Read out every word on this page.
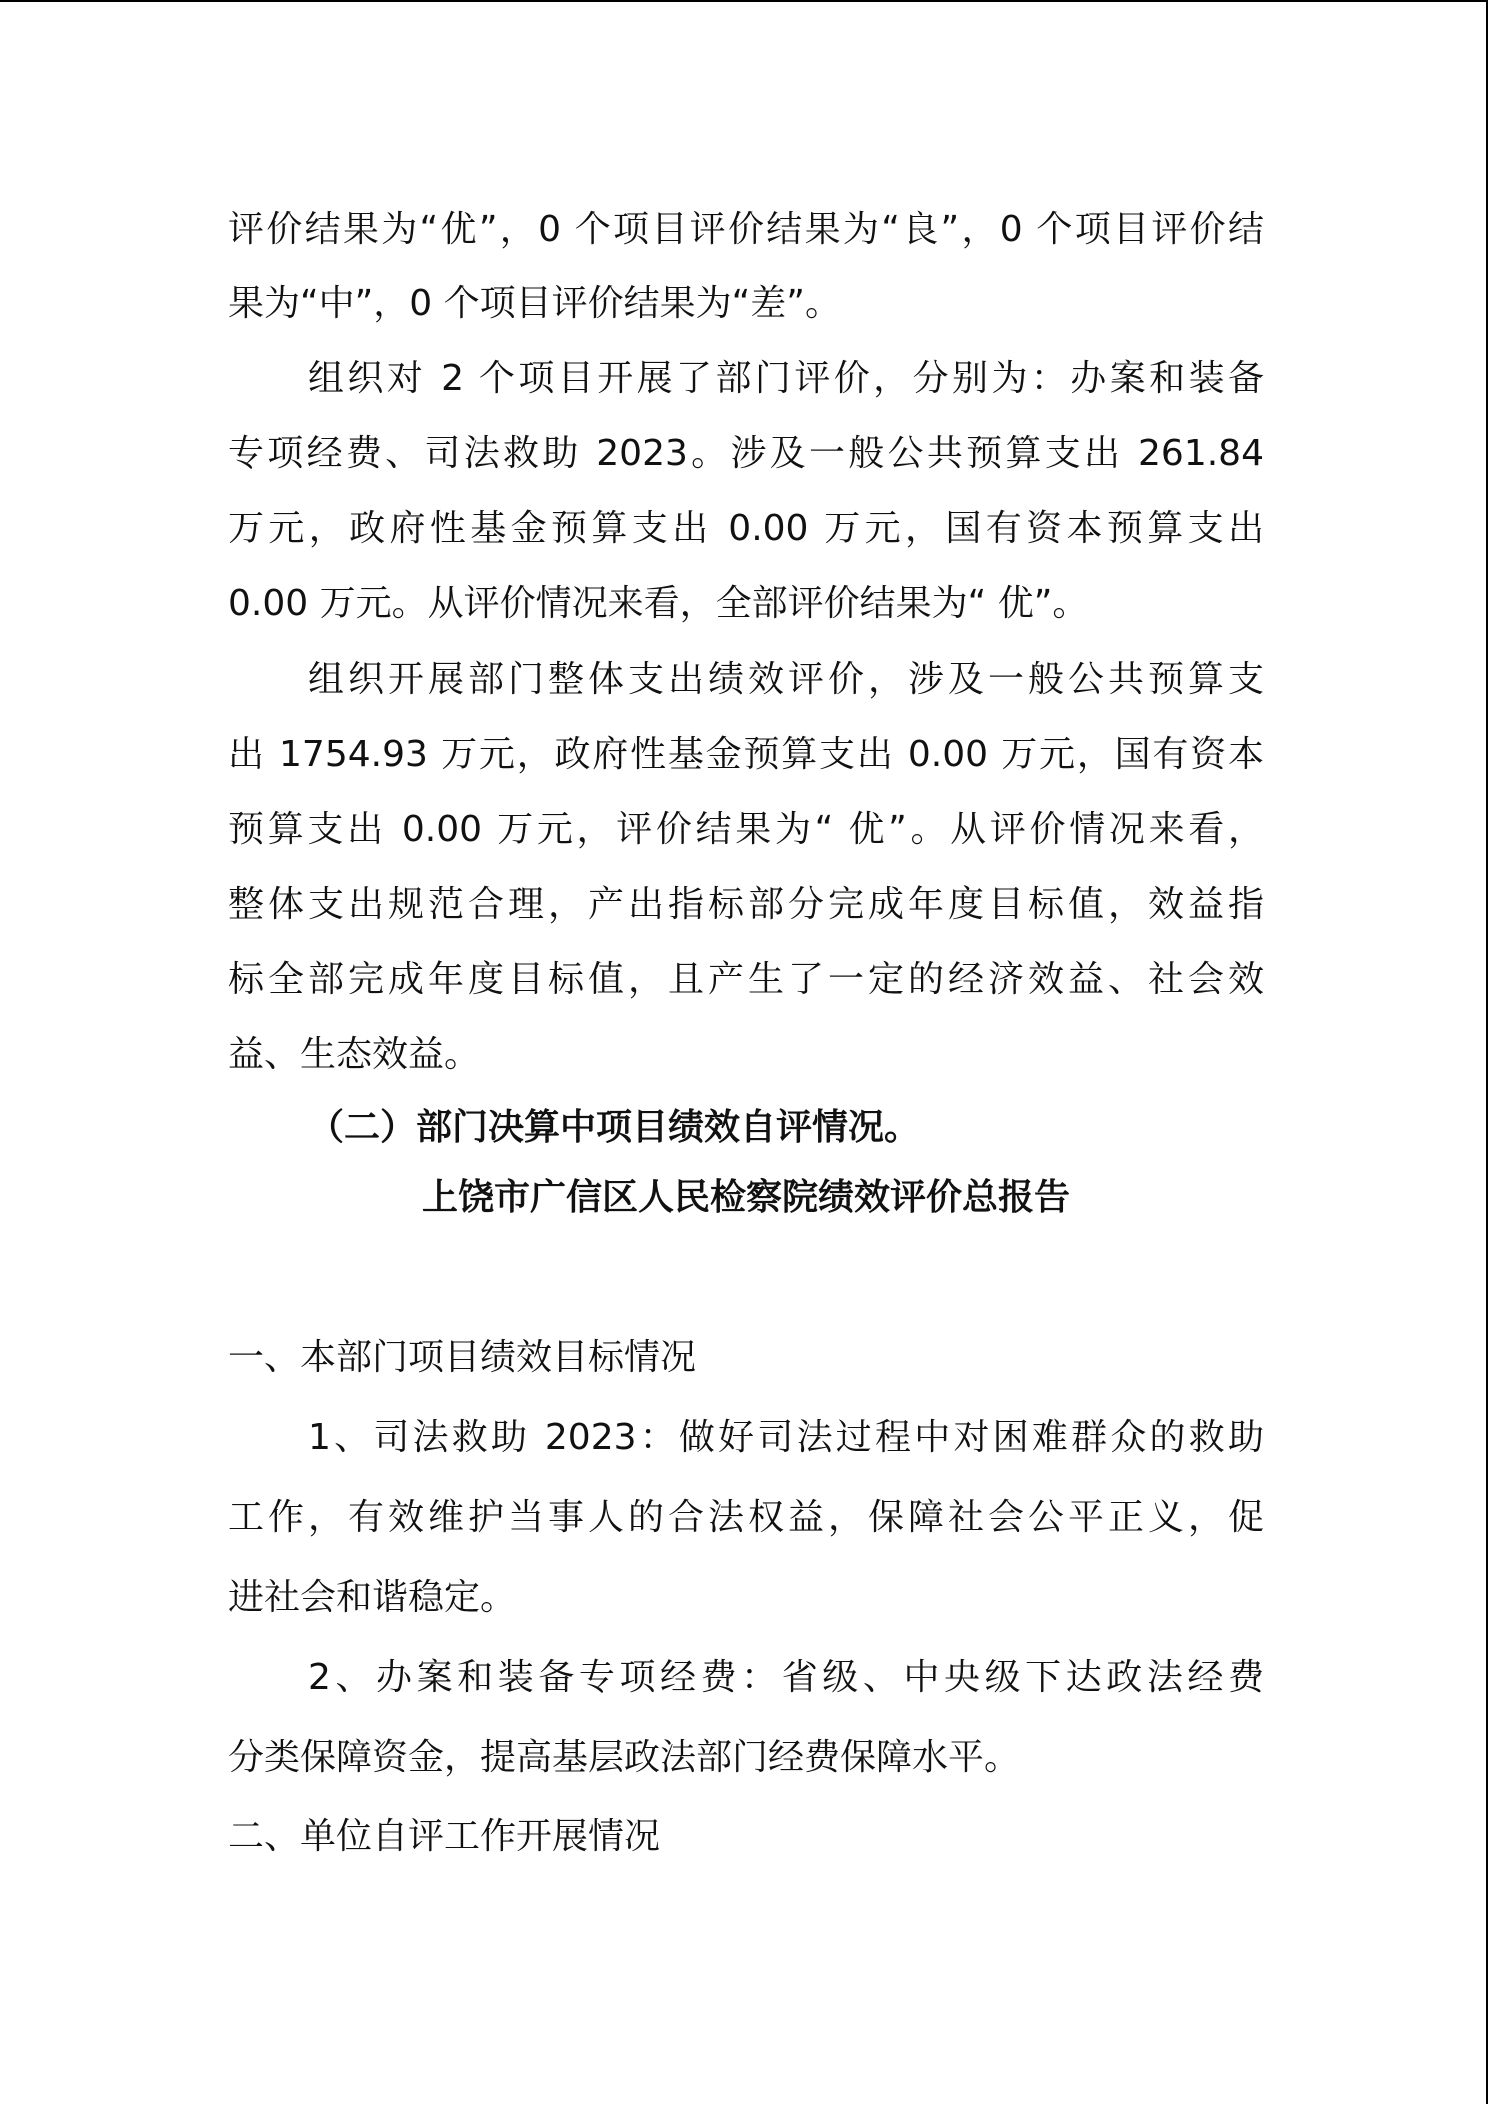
评价结果为“优”，0 个项目评价结果为“良”，0 个项目评价结
果为“中”，0 个项目评价结果为“差”。
组织对 2 个项目开展了部门评价，分别为：办案和装备
专项经费、司法救助 2023。涉及一般公共预算支出 261.84
万元，政府性基金预算支出 0.00 万元，国有资本预算支出
0.00 万元。从评价情况来看，全部评价结果为“ 优”。
组织开展部门整体支出绩效评价，涉及一般公共预算支
出 1754.93 万元，政府性基金预算支出 0.00 万元，国有资本
预算支出 0.00 万元，评价结果为“ 优”。从评价情况来看，
整体支出规范合理，产出指标部分完成年度目标值，效益指
标全部完成年度目标值，且产生了一定的经济效益、社会效
益、生态效益。
（二）部门决算中项目绩效自评情况。
上饶市广信区人民检察院绩效评价总报告
一、本部门项目绩效目标情况
1、司法救助 2023：做好司法过程中对困难群众的救助
工作，有效维护当事人的合法权益，保障社会公平正义，促
进社会和谐稳定。
2、办案和装备专项经费：省级、中央级下达政法经费
分类保障资金，提高基层政法部门经费保障水平。
二、单位自评工作开展情况
